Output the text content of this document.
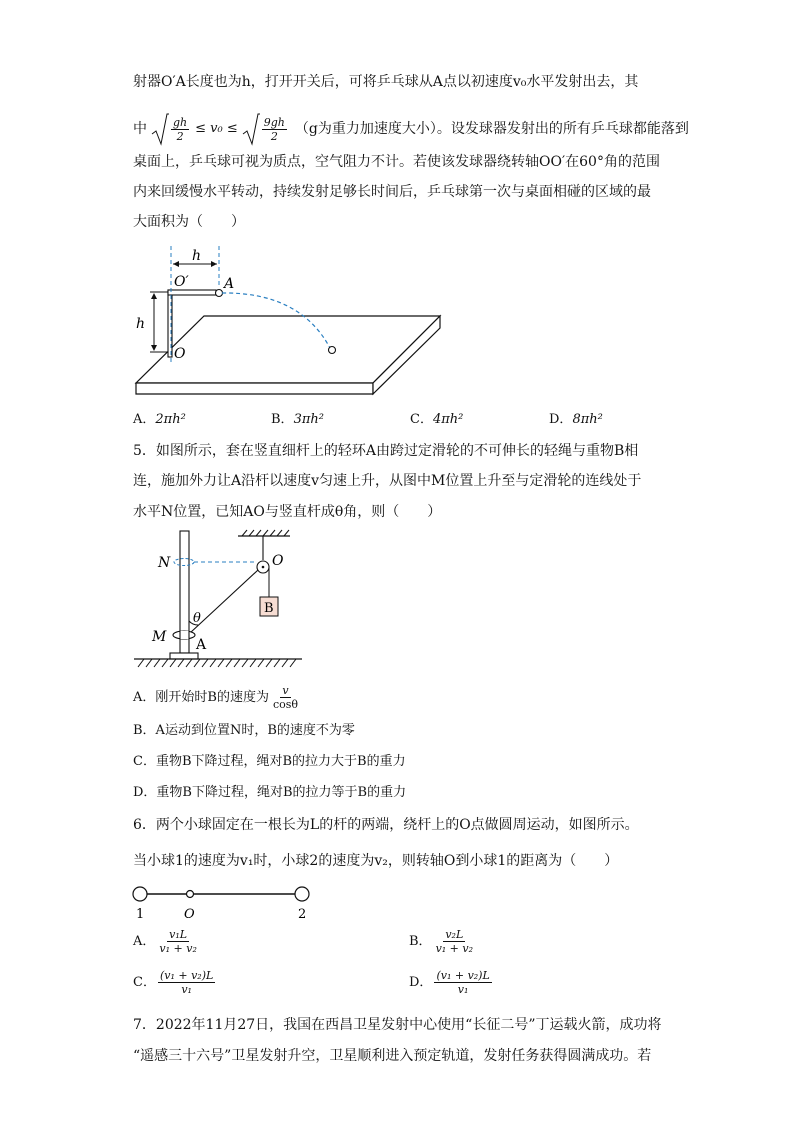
射器O′A长度也为h，打开开关后，可将乒乓球从A点以初速度v₀水平发射出去，其
中 $\frac{gh}{2} \le v_0 \le \frac{9gh}{2} (g$为重力加速度大小）。设发球器发射出的所有乒乓球都能落到
桌面上，乒乓球可视为质点，空气阻力不计。若使该发球器绕转轴OO′在60°角的范围
内来回缓慢水平转动，持续发射足够长时间后，乒乓球第一次与桌面相碰的区域的最
大面积为（　　）
h
O′	A
h
O
A．2πh²	B．3πh²	C．4πh²	D．8πh²
5．如图所示，套在竖直细杆上的轻环A由跨过定滑轮的不可伸长的轻绳与重物B相
连，施加外力让A沿杆以速度v匀速上升，从图中M位置上升至与定滑轮的连线处于
水平N位置，已知AO与竖直杆成θ角，则（　　）
B
N	O
θ
M A
A．刚开始时B的速度为 $\frac{v}{\cos\theta}$
B．A运动到位置N时，B的速度不为零
C．重物B下降过程，绳对B的拉力大于B的重力
D．重物B下降过程，绳对B的拉力等于B的重力
6．两个小球固定在一根长为L的杆的两端，绕杆上的O点做圆周运动，如图所示。
当小球1的速度为v₁时，小球2的速度为v₂，则转轴O到小球1的距离为（　　）
1	O	2
A． $\frac{\text{v₁L}}{\text{v₁ + v₂}}$	B． $\frac{\text{v₂L}}{\text{v₁ + v₂}}$
C． $\frac{\text{(v₁ + v₂)L}}{\text{v₁}}$	D． $\frac{\text{(v₁ + v₂)L}}{\text{v₁}}$
7．2022年11月27日，我国在西昌卫星发射中心使用“长征二号”丁运载火箭，成功将
“遥感三十六号”卫星发射升空，卫星顺利进入预定轨道，发射任务获得圆满成功。若
